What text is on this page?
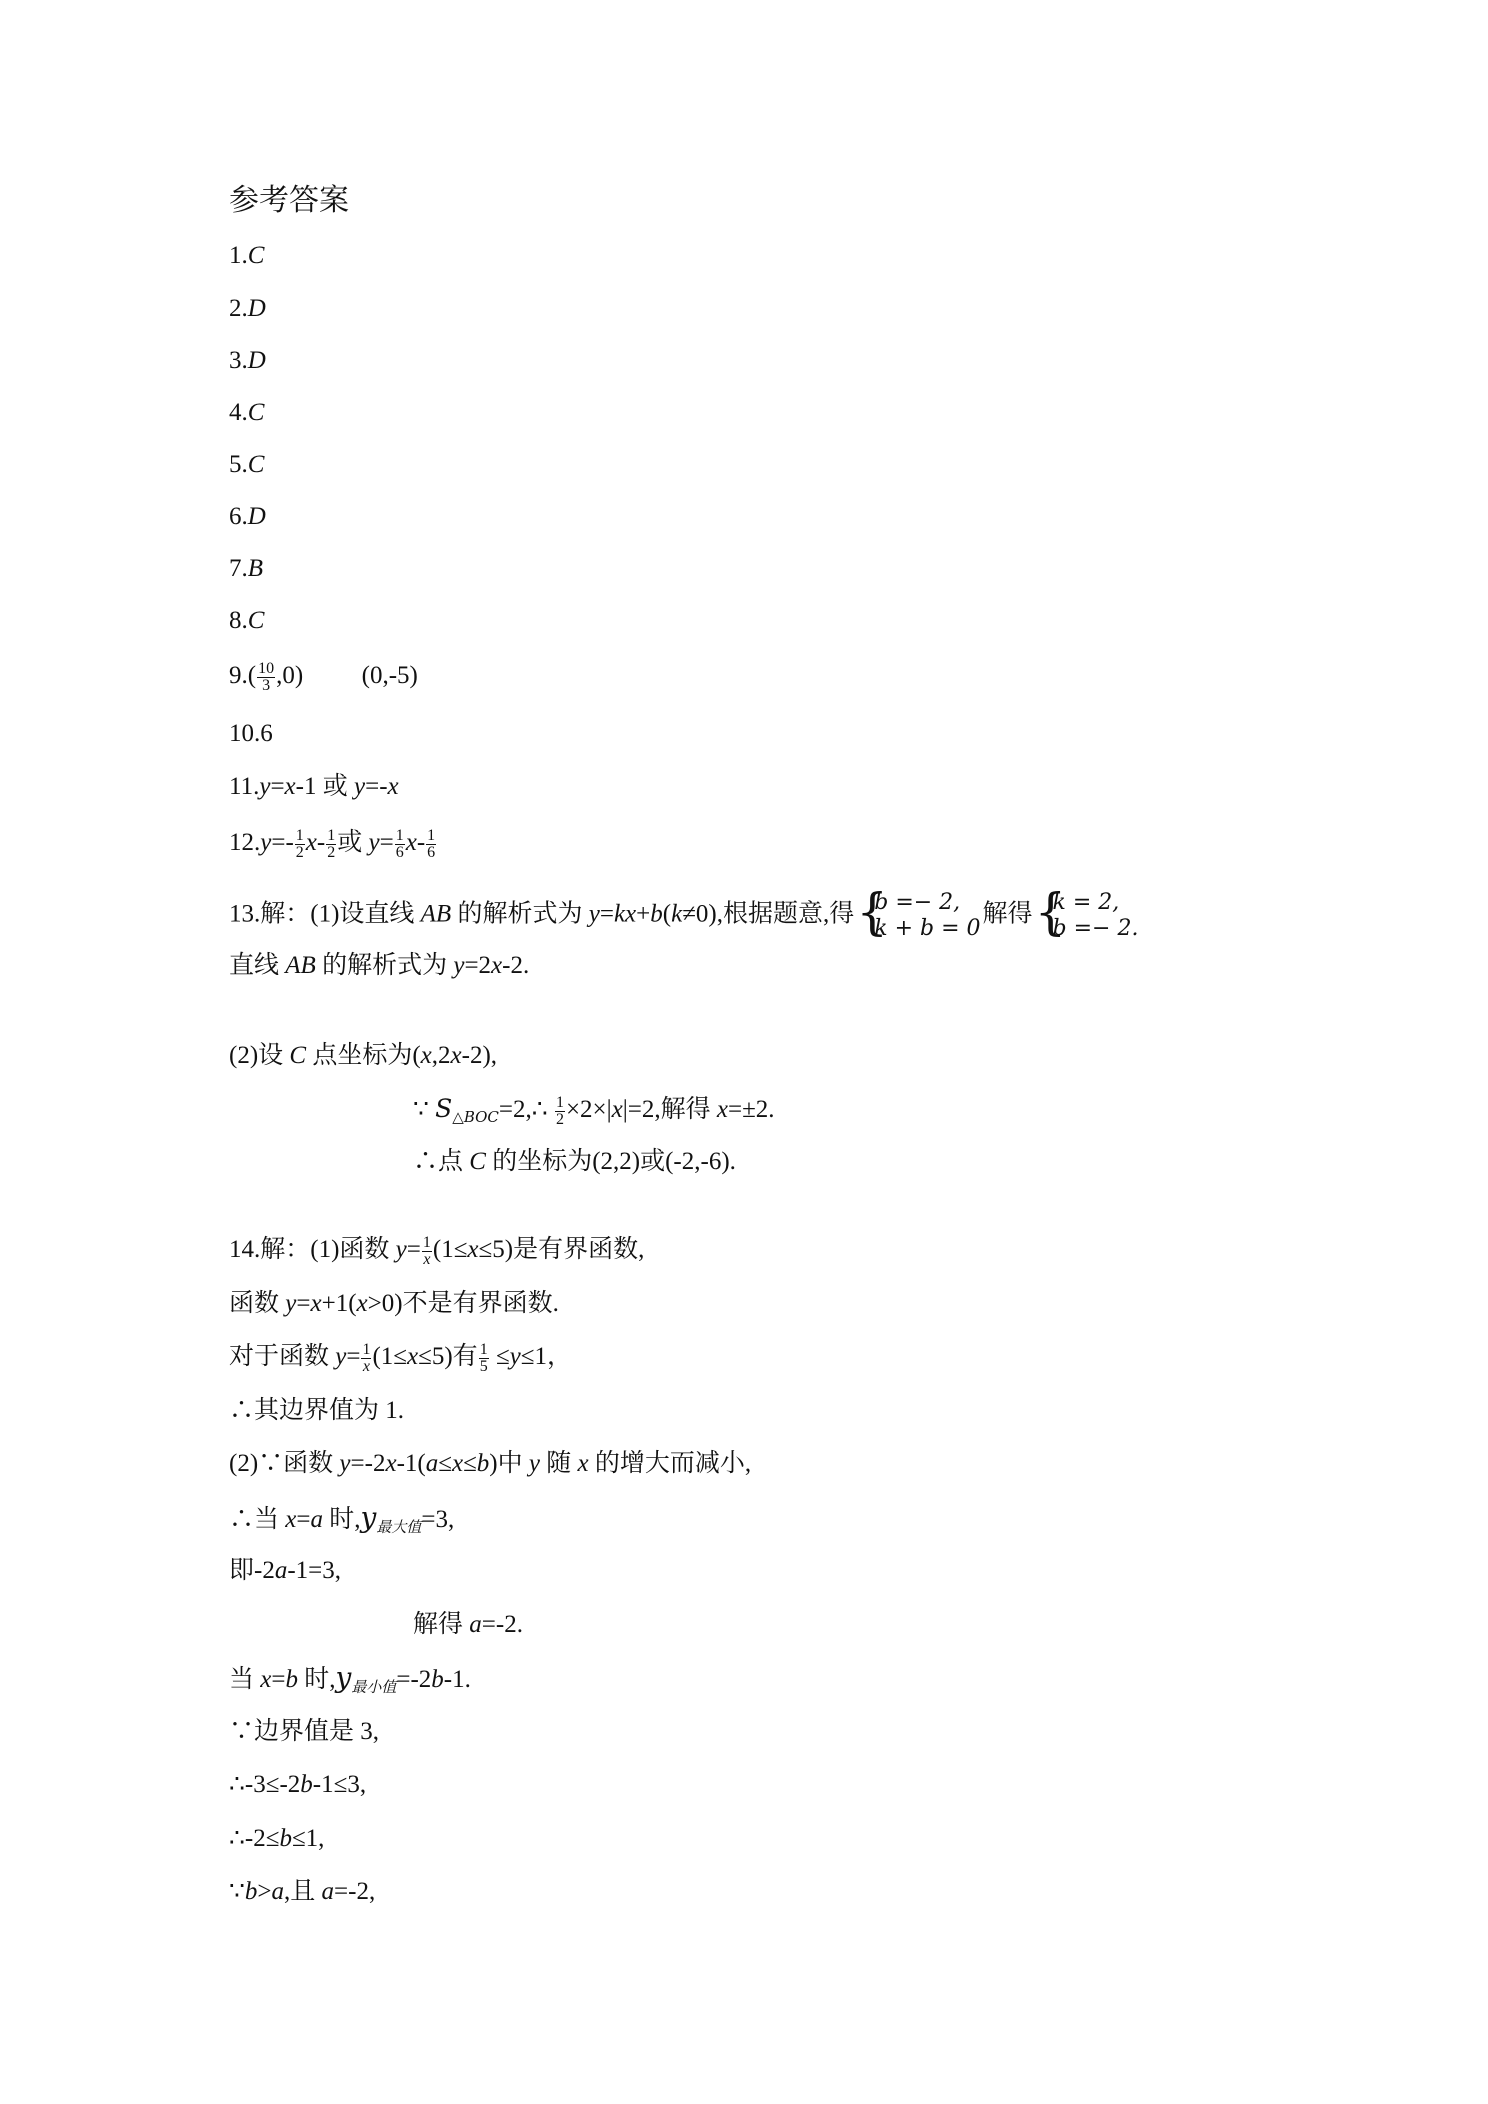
参考答案
1.C
2.D
3.D
4.C
5.C
6.D
7.B
8.C
$9.( \frac{10}{3} ,0)$ (0,-5)
10.6
11.y=x-1 或 y=-x
$12.y=- \frac{1}{2} x- \frac{1}{2}$ 或 $y= \frac{1}{6} x- \frac{1}{6}$
13.解：(1)设直线 AB 的解析式为 y=kx+b(k≠0),根据题意,得 {
b =− 2,
k + b = 0
解得 {
k = 2,
b =− 2.
直线 AB 的解析式为 y=2x-2.
(2)设 C 点坐标为(x,2x-2),
∵ $S_{\triangle BOC}=2,\therefore \frac{1}{2} \times 2\times|x|=2$,解得 x=±2.
∴点 C 的坐标为(2,2)或(-2,-6).
14.解：(1)函数 $y= \frac{1}{x} (1\le x\le 5)$是有界函数,
函数 y=x+1(x>0)不是有界函数.
对于函数 $y= \frac{1}{x} (1\le x\le 5)$有 $\frac{1}{5} \le y\le 1$，
∴其边界值为 1.
(2)∵函数 y=-2x-1(a≤x≤b)中 y 随 x 的增大而减小,
∴当 x=a 时$,y_{最大值}=3$,
即-2a-1=3,
解得 a=-2.
当 x=b 时$,y_{最小值}=-2b-1$.
∵边界值是 3,
∴-3≤-2b-1≤3,
∴-2≤b≤1,
∵b>a,且 a=-2,
